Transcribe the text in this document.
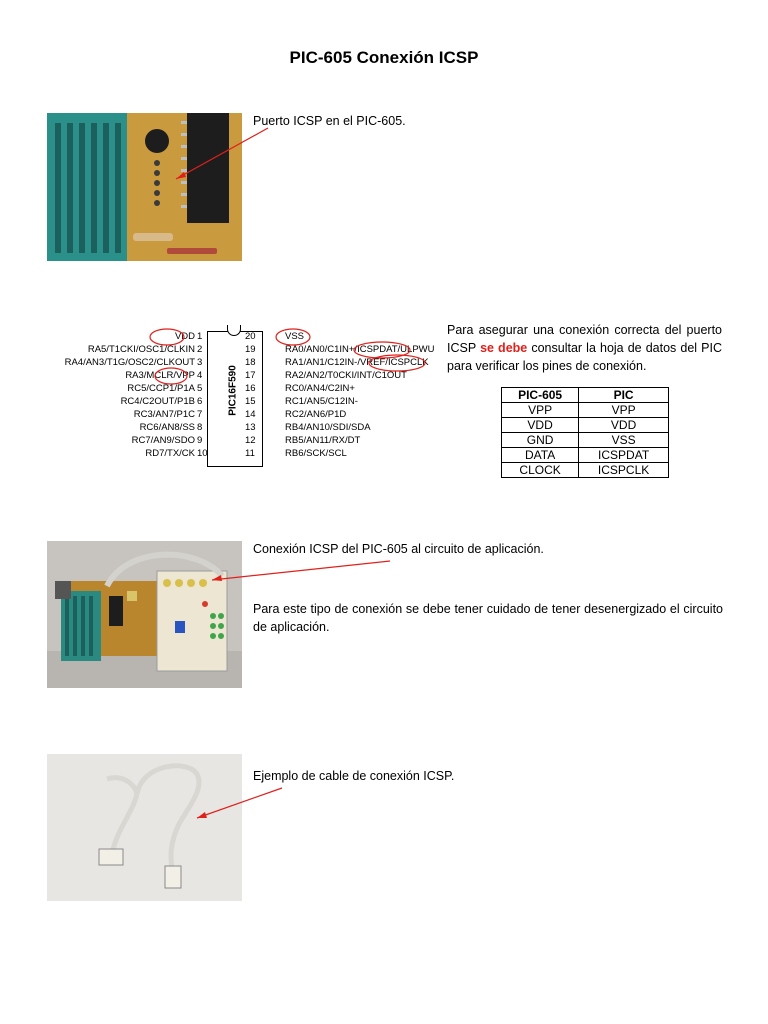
PIC-605 Conexión ICSP
Puerto ICSP en el PIC-605.
PIC16F590
VDD
RA5/T1CKI/OSC1/CLKIN
RA4/AN3/T1G/OSC2/CLKOUT
RA3/MCLR/VPP
RC5/CCP1/P1A
RC4/C2OUT/P1B
RC3/AN7/P1C
RC6/AN8/SS
RC7/AN9/SDO
RD7/TX/CK
1
2
3
4
5
6
7
8
9
10
20
19
18
17
16
15
14
13
12
11
VSS
RA0/AN0/C1IN+/ICSPDAT/ULPWU
RA1/AN1/C12IN-/VREF/ICSPCLK
RA2/AN2/T0CKI/INT/C1OUT
RC0/AN4/C2IN+
RC1/AN5/C12IN-
RC2/AN6/P1D
RB4/AN10/SDI/SDA
RB5/AN11/RX/DT
RB6/SCK/SCL
Para asegurar una conexión correcta del puerto ICSP se debe consultar la hoja de datos del PIC para verificar los pines de conexión.
PIC-605	PIC
VPP	VPP
VDD	VDD
GND	VSS
DATA	ICSPDAT
CLOCK	ICSPCLK
Conexión ICSP del PIC-605 al circuito de aplicación.
Para este tipo de conexión se debe tener cuidado de tener desenergizado el circuito de aplicación.
Ejemplo de cable de conexión ICSP.
